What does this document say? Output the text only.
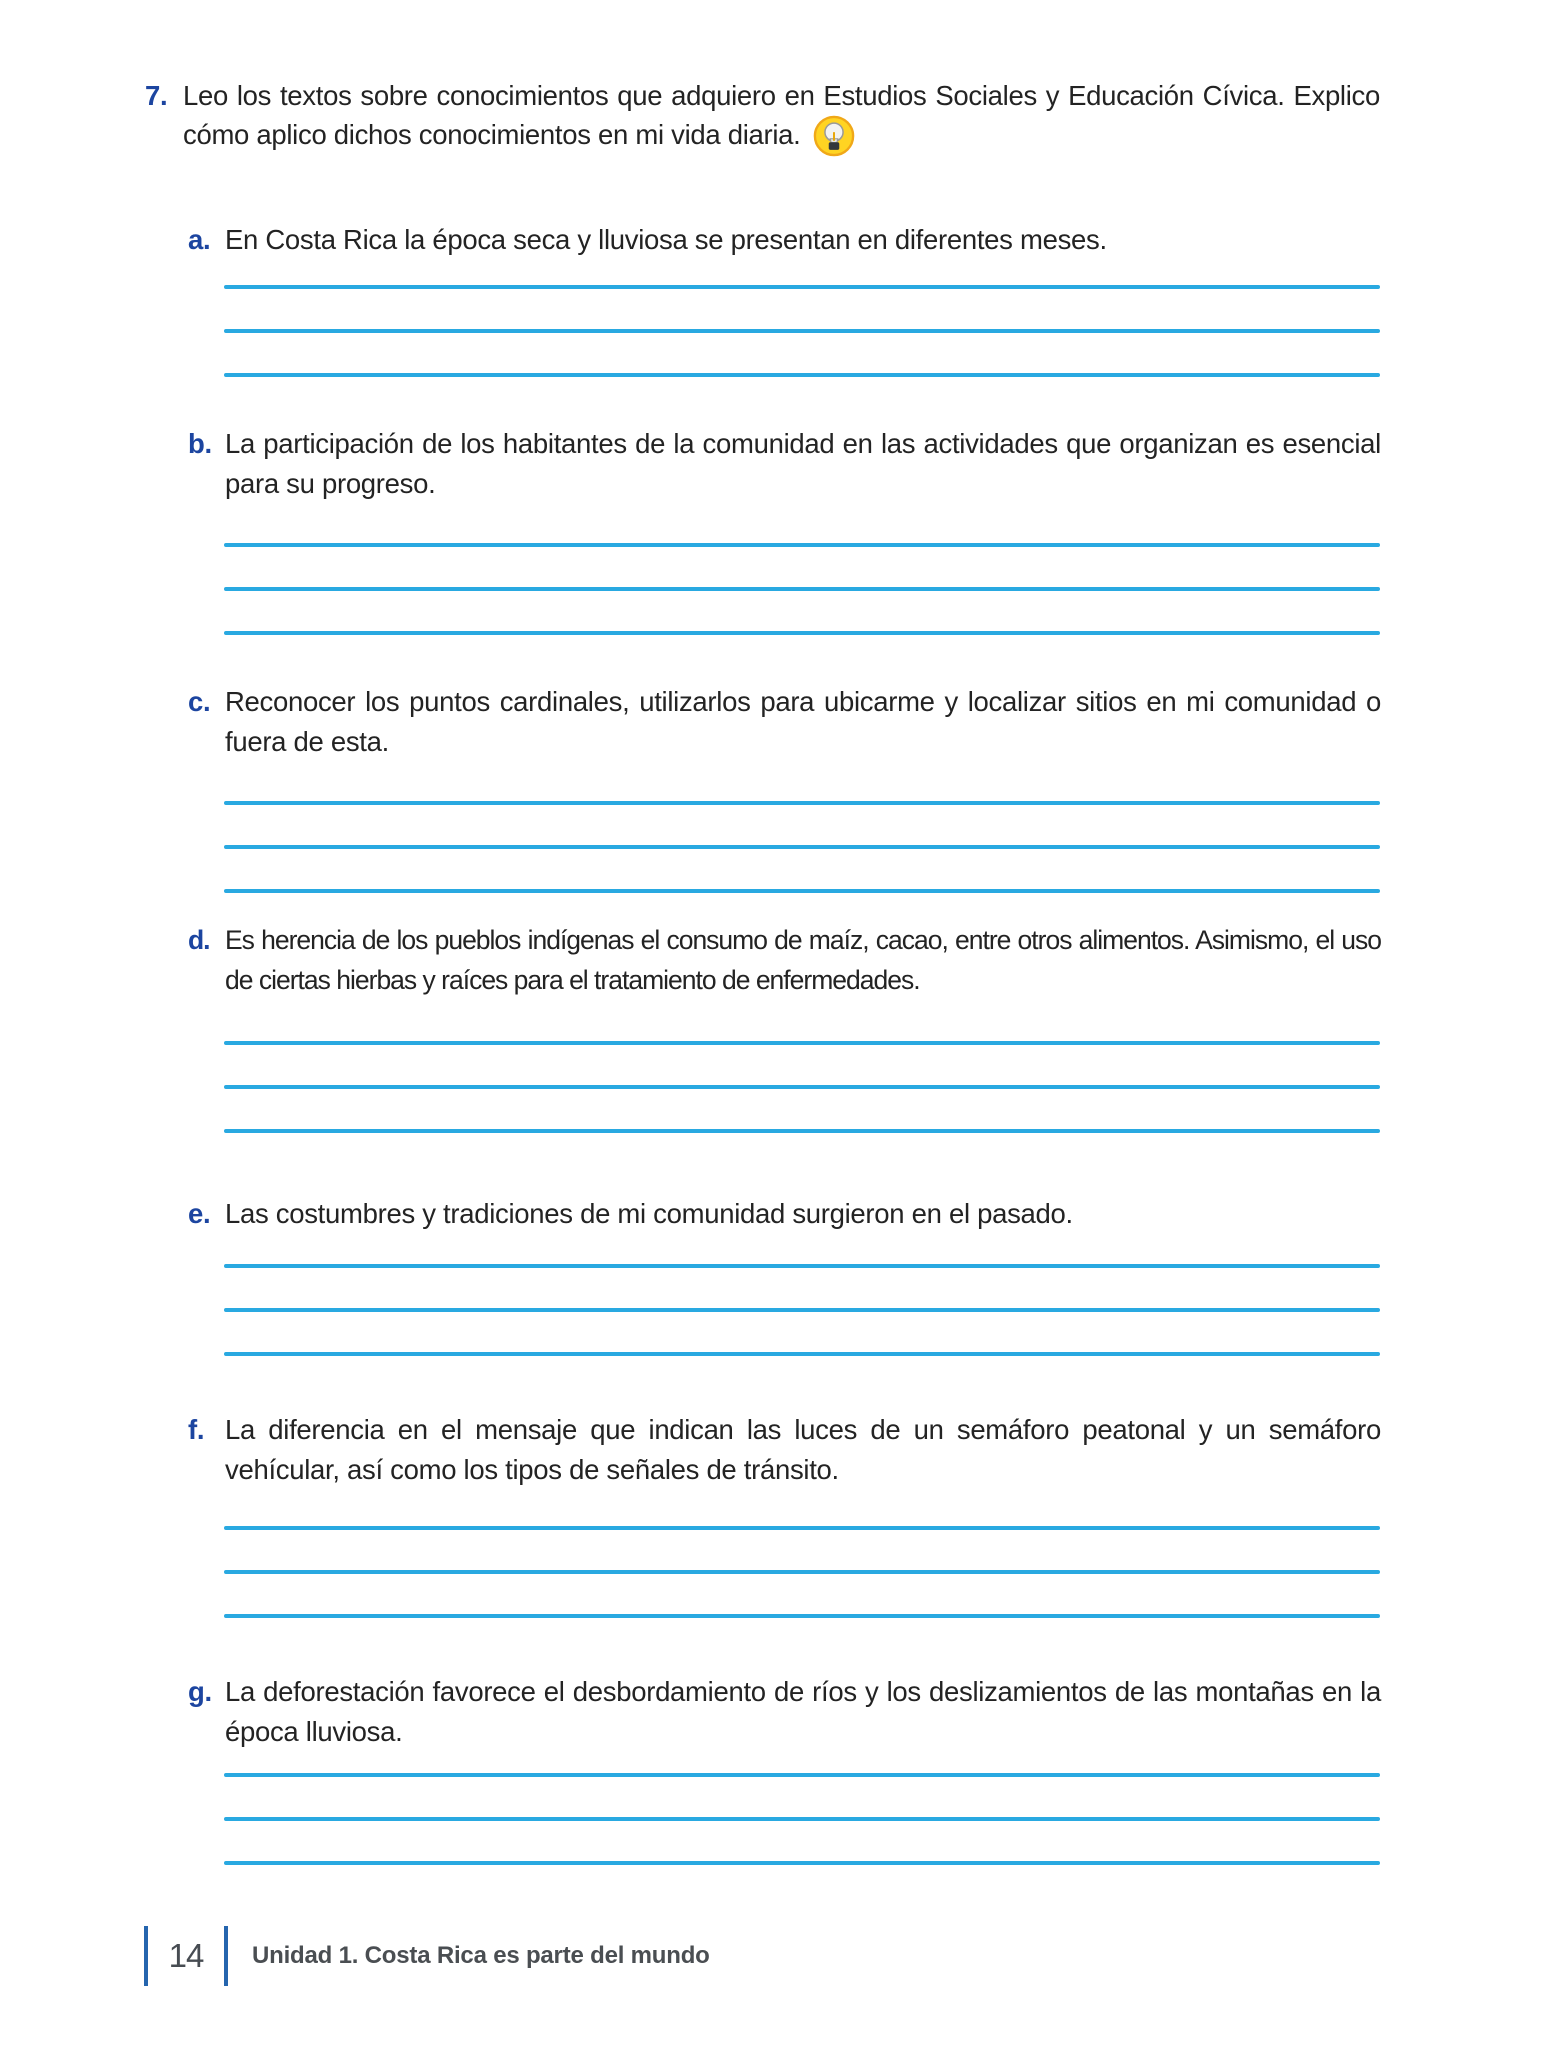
7. Leo los textos sobre conocimientos que adquiero en Estudios Sociales y Educación Cívica. Explico cómo aplico dichos conocimientos en mi vida diaria.
a. En Costa Rica la época seca y lluviosa se presentan en diferentes meses.
b. La participación de los habitantes de la comunidad en las actividades que organizan es esencial para su progreso.
c. Reconocer los puntos cardinales, utilizarlos para ubicarme y localizar sitios en mi comunidad o fuera de esta.
d. Es herencia de los pueblos indígenas el consumo de maíz, cacao, entre otros alimentos. Asimismo, el uso de ciertas hierbas y raíces para el tratamiento de enfermedades.
e. Las costumbres y tradiciones de mi comunidad surgieron en el pasado.
f. La diferencia en el mensaje que indican las luces de un semáforo peatonal y un semáforo vehícular, así como los tipos de señales de tránsito.
g. La deforestación favorece el desbordamiento de ríos y los deslizamientos de las montañas en la época lluviosa.
14 Unidad 1. Costa Rica es parte del mundo
